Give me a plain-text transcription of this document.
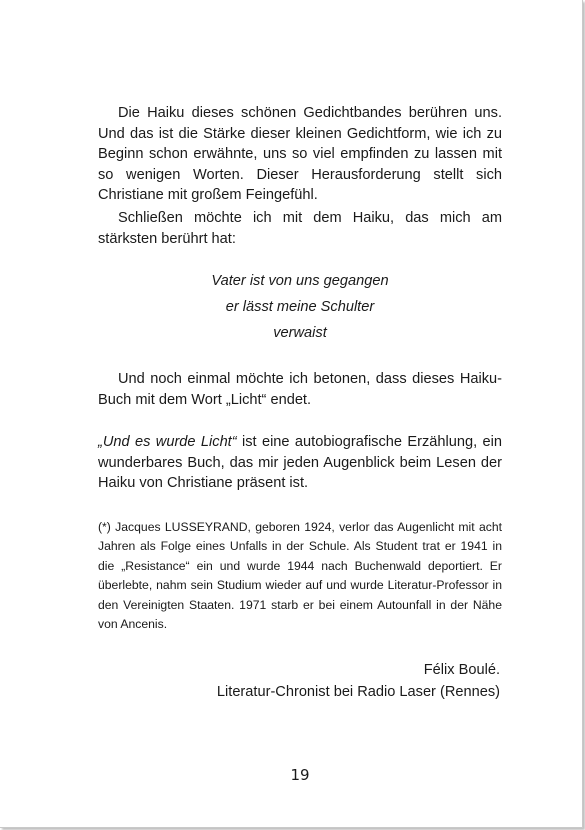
Die Haiku dieses schönen Gedichtbandes berühren uns. Und das ist die Stärke dieser kleinen Gedichtform, wie ich zu Beginn schon erwähnte, uns so viel empfinden zu lassen mit so wenigen Worten. Dieser Herausforderung stellt sich Christiane mit großem Feingefühl.

Schließen möchte ich mit dem Haiku, das mich am stärksten berührt hat:

Vater ist von uns gegangen
er lässt meine Schulter
verwaist

Und noch einmal möchte ich betonen, dass dieses Haiku-Buch mit dem Wort „Licht“ endet.

„Und es wurde Licht“ ist eine autobiografische Erzählung, ein wunderbares Buch, das mir jeden Augenblick beim Lesen der Haiku von Christiane präsent ist.

(*) Jacques LUSSEYRAND, geboren 1924, verlor das Augenlicht mit acht Jahren als Folge eines Unfalls in der Schule. Als Student trat er 1941 in die „Resistance“ ein und wurde 1944 nach Buchenwald deportiert. Er überlebte, nahm sein Studium wieder auf und wurde Literatur-Professor in den Vereinigten Staaten. 1971 starb er bei einem Autounfall in der Nähe von Ancenis.

Félix Boulé.
Literatur-Chronist bei Radio Laser (Rennes)
19
